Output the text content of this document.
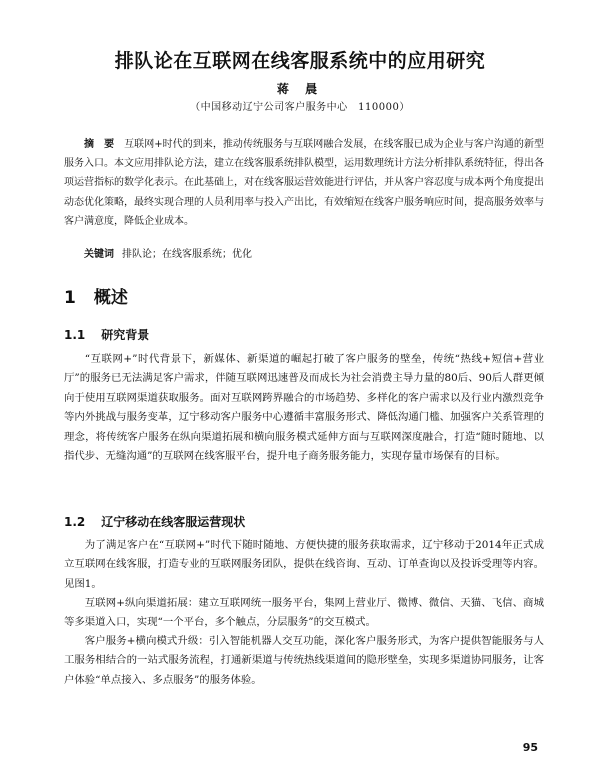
排队论在互联网在线客服系统中的应用研究
蒋 晨
（中国移动辽宁公司客户服务中心　110000）
摘　要 互联网+时代的到来，推动传统服务与互联网融合发展，在线客服已成为企业与客户沟通的新型服务入口。本文应用排队论方法，建立在线客服系统排队模型，运用数理统计方法分析排队系统特征，得出各项运营指标的数学化表示。在此基础上，对在线客服运营效能进行评估，并从客户容忍度与成本两个角度提出动态优化策略，最终实现合理的人员利用率与投入产出比，有效缩短在线客户服务响应时间，提高服务效率与客户满意度，降低企业成本。
关键词 排队论；在线客服系统；优化
1 概述
1.1 研究背景
“互联网+”时代背景下，新媒体、新渠道的崛起打破了客户服务的壁垒，传统“热线+短信+营业厅”的服务已无法满足客户需求，伴随互联网迅速普及而成长为社会消费主导力量的80后、90后人群更倾向于使用互联网渠道获取服务。面对互联网跨界融合的市场趋势、多样化的客户需求以及行业内激烈竞争等内外挑战与服务变革，辽宁移动客户服务中心遵循丰富服务形式、降低沟通门槛、加强客户关系管理的理念，将传统客户服务在纵向渠道拓展和横向服务模式延伸方面与互联网深度融合，打造“随时随地、以指代步、无缝沟通”的互联网在线客服平台，提升电子商务服务能力，实现存量市场保有的目标。
1.2 辽宁移动在线客服运营现状
为了满足客户在“互联网+”时代下随时随地、方便快捷的服务获取需求，辽宁移动于2014年正式成立互联网在线客服，打造专业的互联网服务团队，提供在线咨询、互动、订单查询以及投诉受理等内容。见图1。
互联网+纵向渠道拓展：建立互联网统一服务平台，集网上营业厅、微博、微信、天猫、飞信、商城等多渠道入口，实现“一个平台，多个触点，分层服务”的交互模式。
客户服务+横向模式升级：引入智能机器人交互功能，深化客户服务形式，为客户提供智能服务与人工服务相结合的一站式服务流程，打通新渠道与传统热线渠道间的隐形壁垒，实现多渠道协同服务，让客户体验“单点接入、多点服务”的服务体验。
95
